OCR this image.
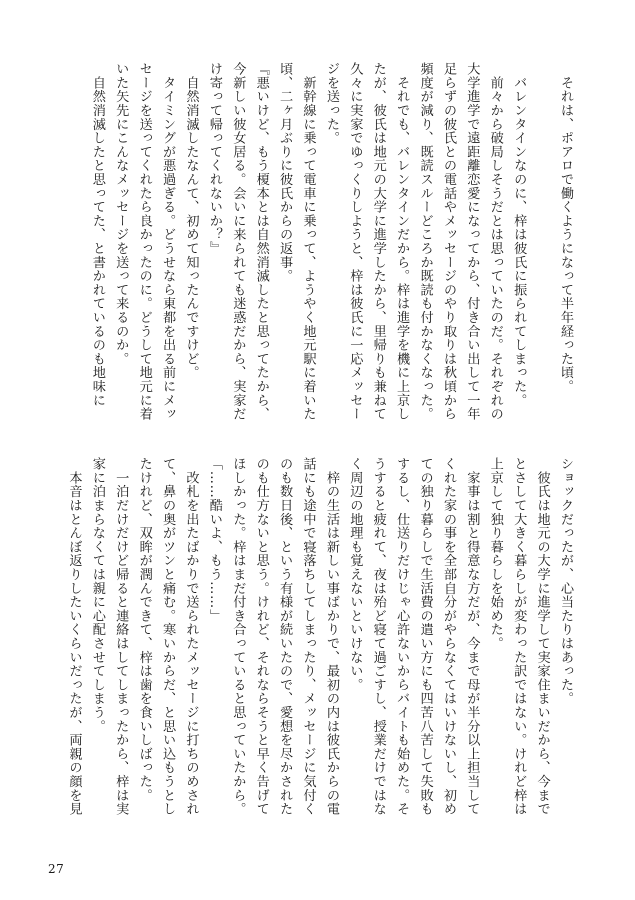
　それは、ポアロで働くようになって半年経った頃。
　バレンタインなのに、梓は彼氏に振られてしまった。
　前々から破局しそうだとは思っていたのだ。それぞれの
大学進学で遠距離恋愛になってから、付き合い出して一年
足らずの彼氏との電話やメッセージのやり取りは秋頃から
頻度が減り、既読スルーどころか既読も付かなくなった。
　それでも、バレンタインだから。梓は進学を機に上京し
たが、彼氏は地元の大学に進学したから、里帰りも兼ねて
久々に実家でゆっくりしようと、梓は彼氏に一応メッセー
ジを送った。
　新幹線に乗って電車に乗って、ようやく地元駅に着いた
頃、二ヶ月ぶりに彼氏からの返事。
『悪いけど、もう榎本とは自然消滅したと思ってたから、
今新しい彼女居る。会いに来られても迷惑だから、実家だ
け寄って帰ってくれないか？』
　自然消滅したなんて、初めて知ったんですけど。
　タイミングが悪過ぎる。どうせなら東都を出る前にメッ
セージを送ってくれたら良かったのに。どうして地元に着
いた矢先にこんなメッセージを送って来るのか。
　自然消滅したと思ってた、と書かれているのも地味に
ショックだったが、心当たりはあった。
　彼氏は地元の大学に進学して実家住まいだから、今まで
とさして大きく暮らしが変わった訳ではない。けれど梓は
上京して独り暮らしを始めた。
　家事は割と得意な方だが、今まで母が半分以上担当して
くれた家の事を全部自分がやらなくてはいけないし、初め
ての独り暮らしで生活費の遣い方にも四苦八苦して失敗も
するし、仕送りだけじゃ心許ないからバイトも始めた。そ
うすると疲れて、夜は殆ど寝て過ごすし、授業だけではな
く周辺の地理も覚えないといけない。
　梓の生活は新しい事ばかりで、最初の内は彼氏からの電
話にも途中で寝落ちしてしまったり、メッセージに気付く
のも数日後、という有様が続いたので、愛想を尽かされた
のも仕方ないと思う。けれど、それならそうと早く告げて
ほしかった。梓はまだ付き合っていると思っていたから。
「……酷いよ、もう……」
　改札を出たばかりで送られたメッセージに打ちのめされ
て、鼻の奥がツンと痛む。寒いからだ、と思い込もうとし
たけれど、双眸が潤んできて、梓は歯を食いしばった。
　一泊だけだけど帰ると連絡はしてしまったから、梓は実
家に泊まらなくては親に心配させてしまう。
　本音はとんぼ返りしたいくらいだったが、両親の顔を見
27
